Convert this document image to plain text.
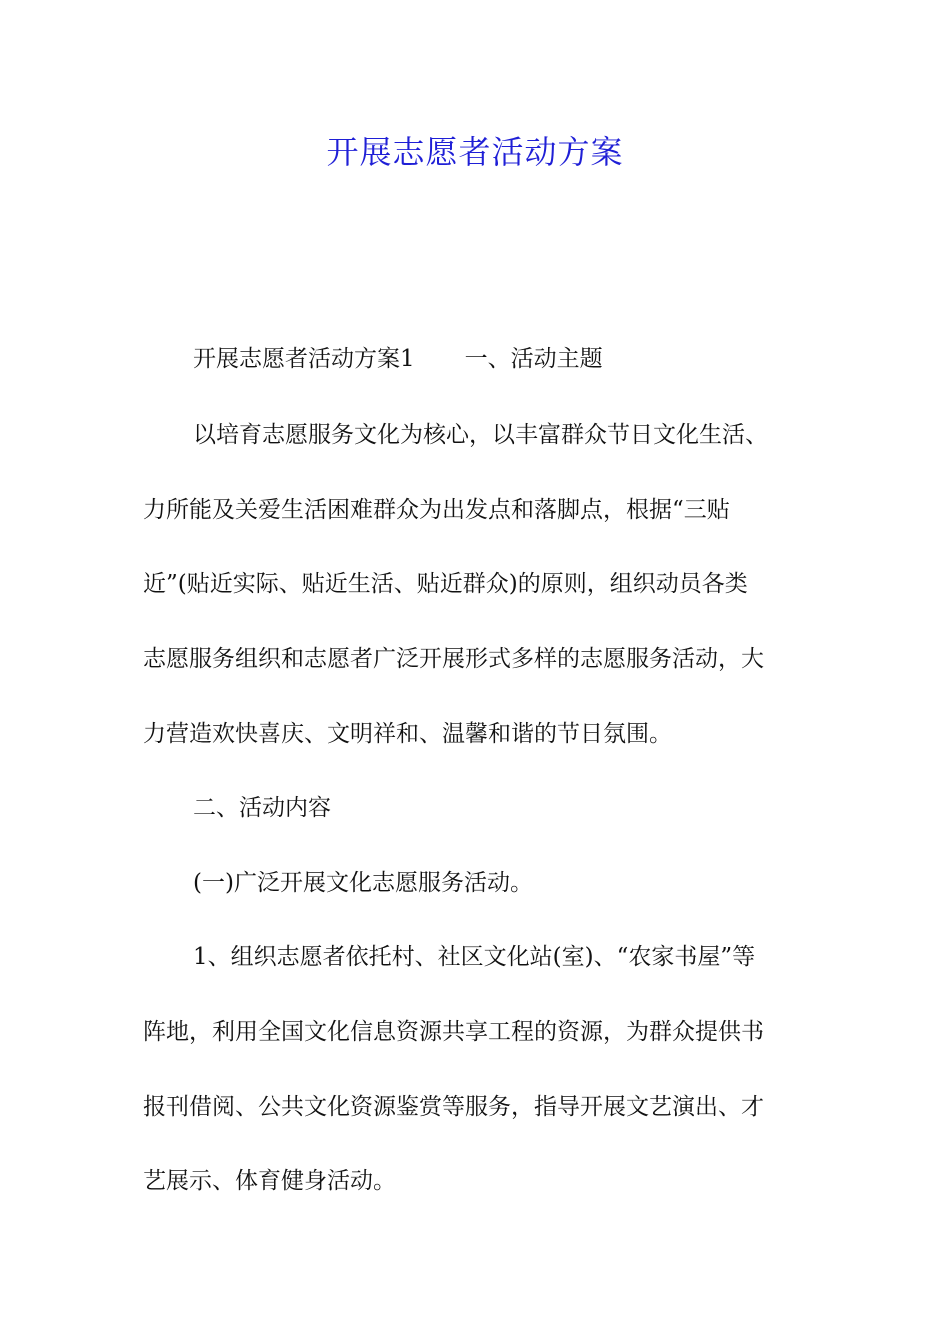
开展志愿者活动方案
开展志愿者活动方案1 一、活动主题
以培育志愿服务文化为核心，以丰富群众节日文化生活、
力所能及关爱生活困难群众为出发点和落脚点，根据“三贴
近”(贴近实际、贴近生活、贴近群众)的原则，组织动员各类
志愿服务组织和志愿者广泛开展形式多样的志愿服务活动，大
力营造欢快喜庆、文明祥和、温馨和谐的节日氛围。
二、活动内容
(一)广泛开展文化志愿服务活动。
1、组织志愿者依托村、社区文化站(室)、“农家书屋”等
阵地，利用全国文化信息资源共享工程的资源，为群众提供书
报刊借阅、公共文化资源鉴赏等服务，指导开展文艺演出、才
艺展示、体育健身活动。
